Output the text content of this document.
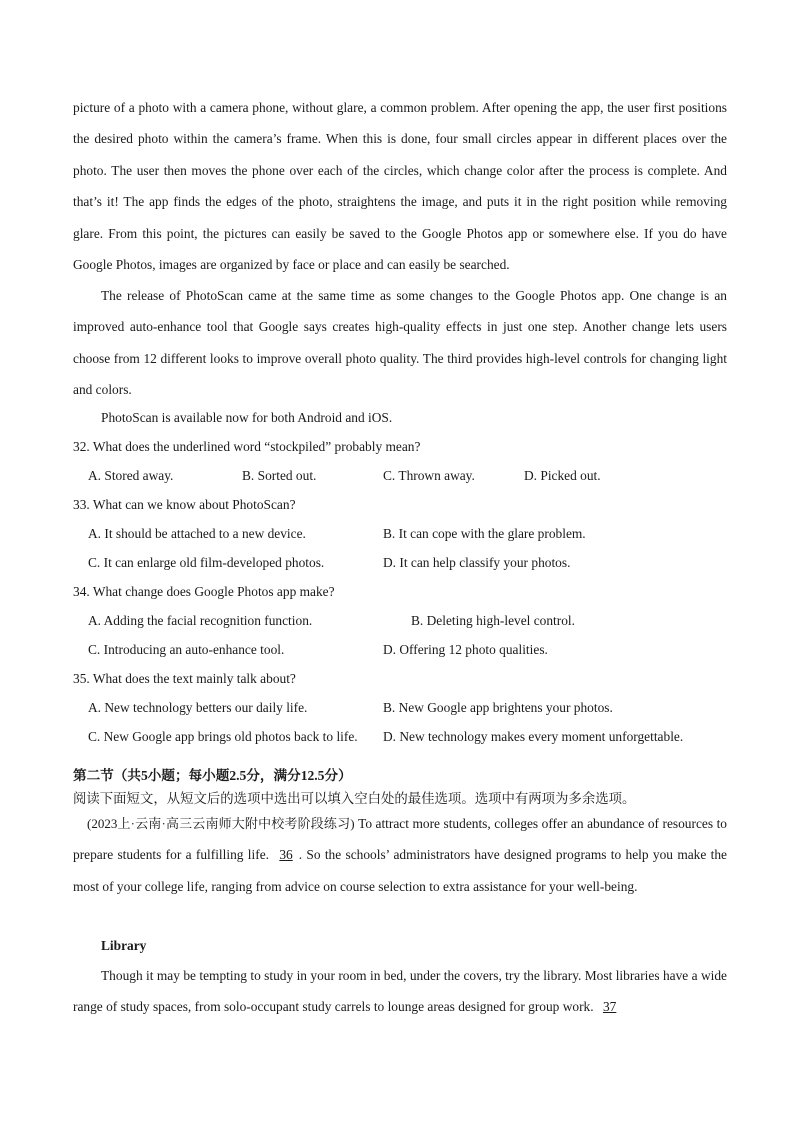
picture of a photo with a camera phone, without glare, a common problem. After opening the app, the user first positions the desired photo within the camera’s frame. When this is done, four small circles appear in different places over the photo. The user then moves the phone over each of the circles, which change color after the process is complete. And that’s it! The app finds the edges of the photo, straightens the image, and puts it in the right position while removing glare. From this point, the pictures can easily be saved to the Google Photos app or somewhere else. If you do have Google Photos, images are organized by face or place and can easily be searched.

The release of PhotoScan came at the same time as some changes to the Google Photos app. One change is an improved auto-enhance tool that Google says creates high-quality effects in just one step. Another change lets users choose from 12 different looks to improve overall photo quality. The third provides high-level controls for changing light and colors.

PhotoScan is available now for both Android and iOS.

32. What does the underlined word “stockpiled” probably mean?
A. Stored away.	B. Sorted out.	C. Thrown away.	D. Picked out.
33. What can we know about PhotoScan?
A. It should be attached to a new device.	B. It can cope with the glare problem.
C. It can enlarge old film-developed photos.	D. It can help classify your photos.
34. What change does Google Photos app make?
A. Adding the facial recognition function.	B. Deleting high-level control.
C. Introducing an auto-enhance tool.	D. Offering 12 photo qualities.
35. What does the text mainly talk about?
A. New technology betters our daily life.	B. New Google app brightens your photos.
C. New Google app brings old photos back to life. D. New technology makes every moment unforgettable.
第二节（共5小题；每小题2.5分，满分12.5分）
阅读下面短文，从短文后的选项中选出可以填入空白处的最佳选项。选项中有两项为多余选项。

(2023上·云南·高三云南师大附中校考阶段练习) To attract more students, colleges offer an abundance of resources to prepare students for a fulfilling life. 36 . So the schools’ administrators have designed programs to help you make the most of your college life, ranging from advice on course selection to extra assistance for your well-being.

Library

Though it may be tempting to study in your room in bed, under the covers, try the library. Most libraries have a wide range of study spaces, from solo-occupant study carrels to lounge areas designed for group work. 37
